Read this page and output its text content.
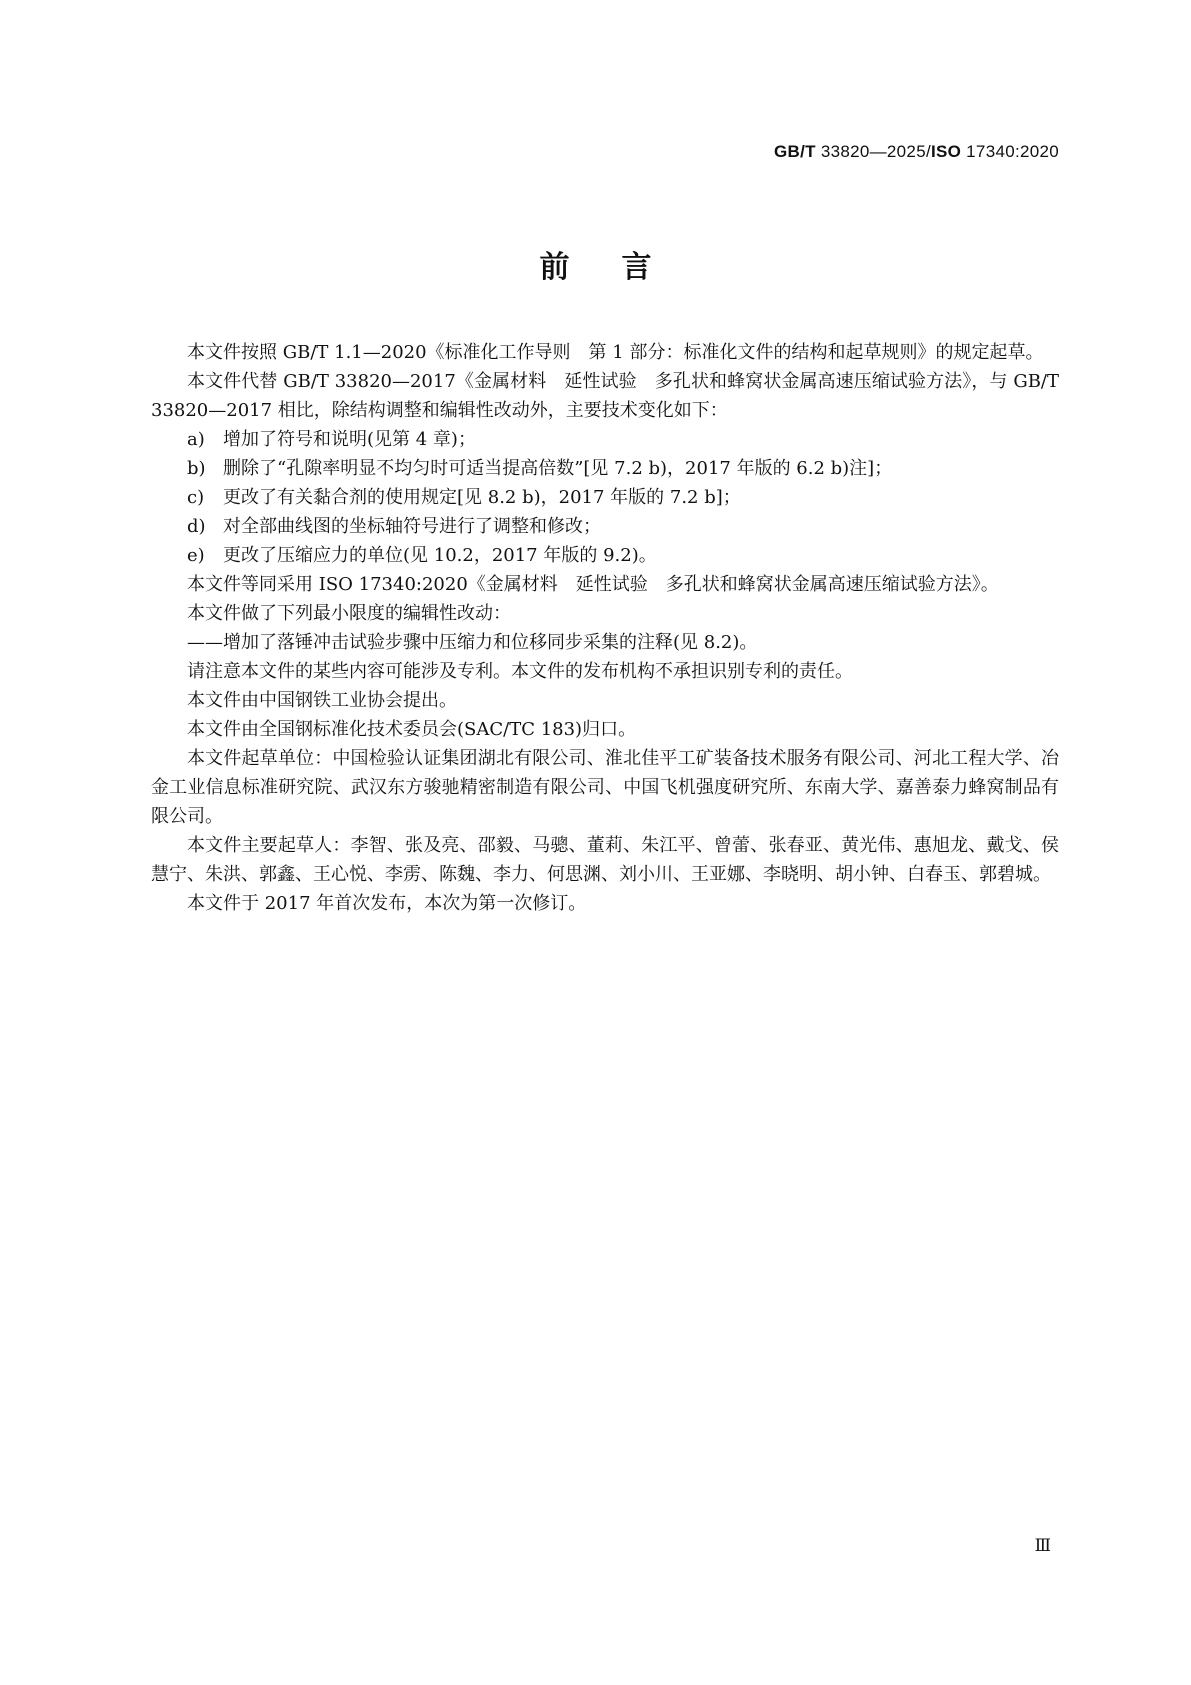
GB/T 33820—2025/ISO 17340:2020
前言

本文件按照 GB/T 1.1—2020《标准化工作导则　第 1 部分：标准化文件的结构和起草规则》的规定起草。

本文件代替 GB/T 33820—2017《金属材料　延性试验　多孔状和蜂窝状金属高速压缩试验方法》，与 GB/T 33820—2017 相比，除结构调整和编辑性改动外，主要技术变化如下：

a) 增加了符号和说明(见第 4 章)；

b) 删除了“孔隙率明显不均匀时可适当提高倍数”[见 7.2 b)，2017 年版的 6.2 b)注]；

c) 更改了有关黏合剂的使用规定[见 8.2 b)，2017 年版的 7.2 b]；

d) 对全部曲线图的坐标轴符号进行了调整和修改；

e) 更改了压缩应力的单位(见 10.2，2017 年版的 9.2)。

本文件等同采用 ISO 17340:2020《金属材料　延性试验　多孔状和蜂窝状金属高速压缩试验方法》。

本文件做了下列最小限度的编辑性改动：

——增加了落锤冲击试验步骤中压缩力和位移同步采集的注释(见 8.2)。

请注意本文件的某些内容可能涉及专利。本文件的发布机构不承担识别专利的责任。

本文件由中国钢铁工业协会提出。

本文件由全国钢标准化技术委员会(SAC/TC 183)归口。

本文件起草单位：中国检验认证集团湖北有限公司、淮北佳平工矿装备技术服务有限公司、河北工程大学、冶金工业信息标准研究院、武汉东方骏驰精密制造有限公司、中国飞机强度研究所、东南大学、嘉善泰力蜂窝制品有限公司。

本文件主要起草人：李智、张及亮、邵毅、马骢、董莉、朱江平、曾蕾、张春亚、黄光伟、惠旭龙、戴戈、侯慧宁、朱洪、郭鑫、王心悦、李雳、陈魏、李力、何思渊、刘小川、王亚娜、李晓明、胡小钟、白春玉、郭碧城。

本文件于 2017 年首次发布，本次为第一次修订。

Ⅲ
